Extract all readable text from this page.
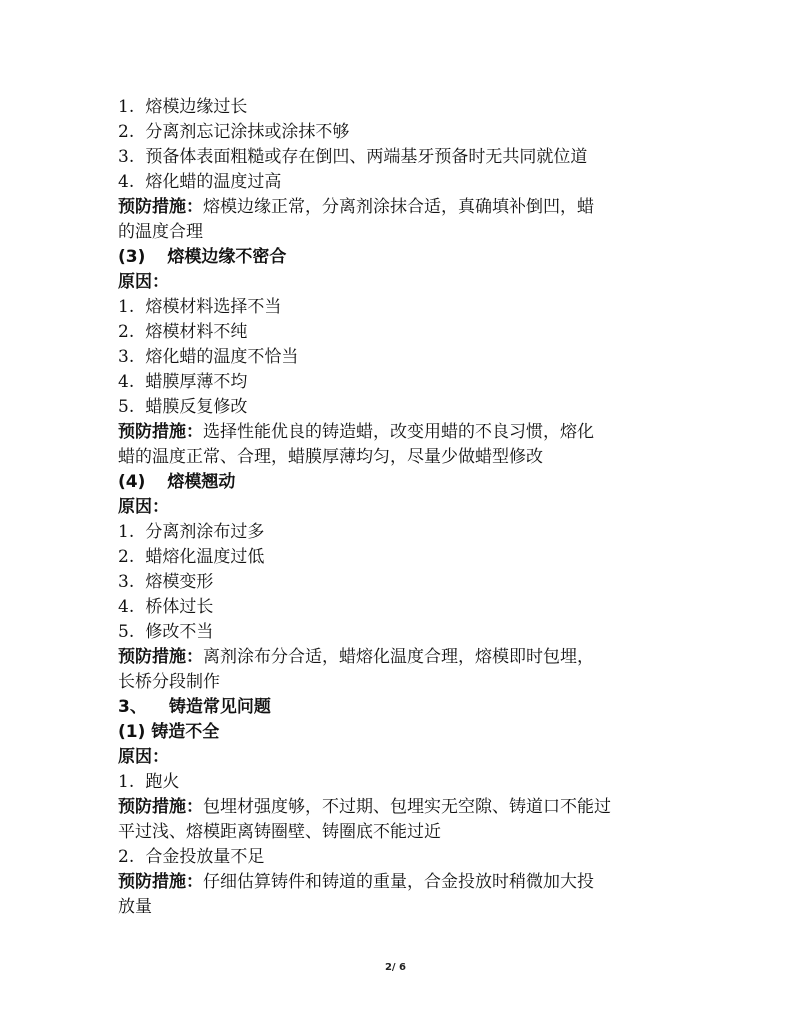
1. 熔模边缘过长
2. 分离剂忘记涂抹或涂抹不够
3. 预备体表面粗糙或存在倒凹、两端基牙预备时无共同就位道
4. 熔化蜡的温度过高
预防措施：熔模边缘正常，分离剂涂抹合适，真确填补倒凹，蜡
的温度合理
(3) 熔模边缘不密合
原因：
1. 熔模材料选择不当
2. 熔模材料不纯
3. 熔化蜡的温度不恰当
4. 蜡膜厚薄不均
5. 蜡膜反复修改
预防措施：选择性能优良的铸造蜡，改变用蜡的不良习惯，熔化
蜡的温度正常、合理，蜡膜厚薄均匀，尽量少做蜡型修改
(4) 熔模翘动
原因：
1. 分离剂涂布过多
2. 蜡熔化温度过低
3. 熔模变形
4. 桥体过长
5. 修改不当
预防措施：离剂涂布分合适，蜡熔化温度合理，熔模即时包埋，
长桥分段制作
3、 铸造常见问题
(1) 铸造不全
原因：
1. 跑火
预防措施：包埋材强度够，不过期、包埋实无空隙、铸道口不能过
平过浅、熔模距离铸圈壁、铸圈底不能过近
2. 合金投放量不足
预防措施：仔细估算铸件和铸道的重量，合金投放时稍微加大投
放量
2/ 6
